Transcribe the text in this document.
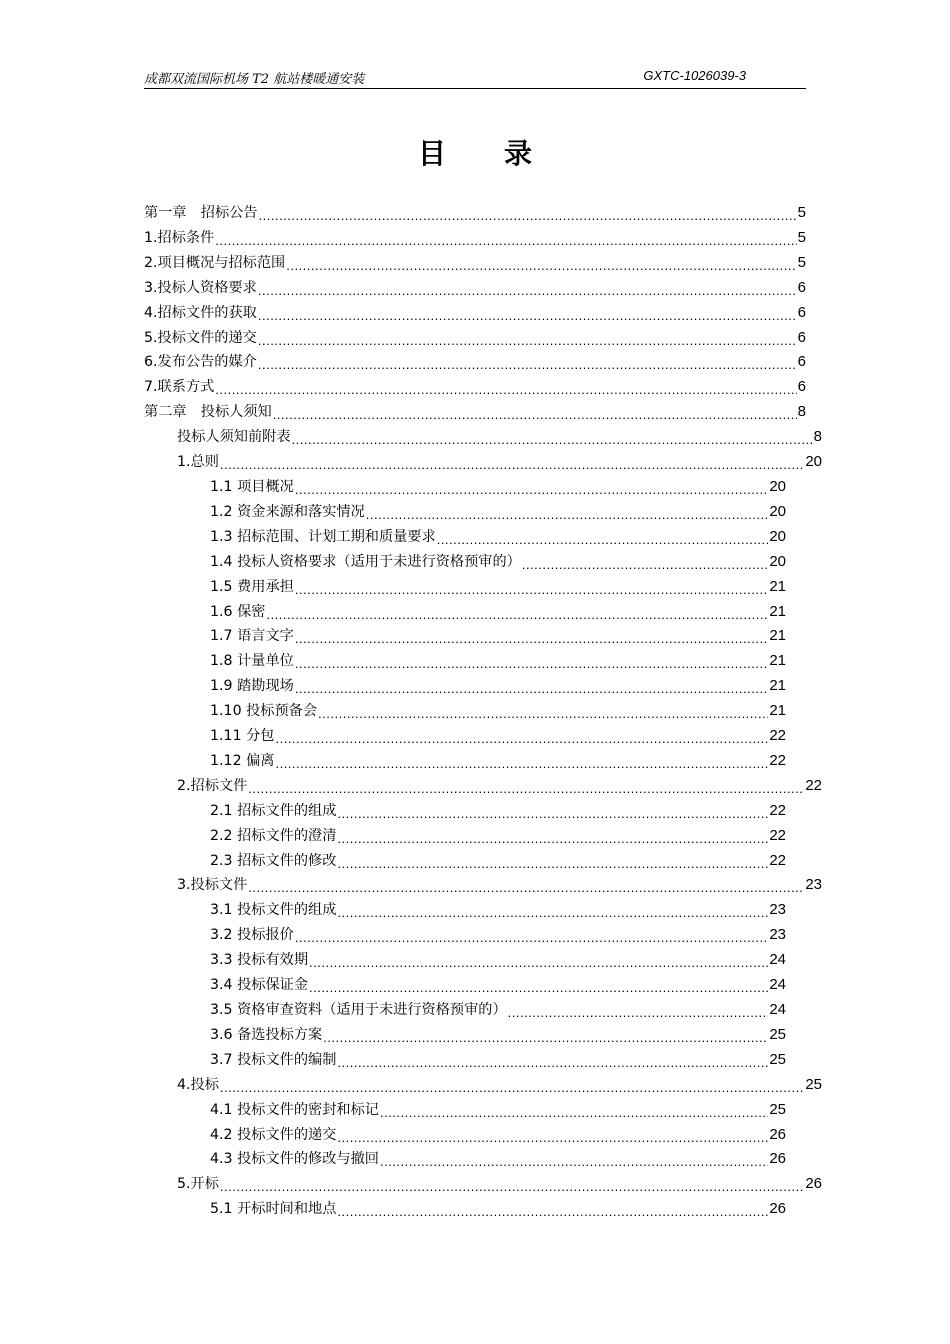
成都双流国际机场 T2 航站楼暖通安装	GXTC-1026039-3
目录
第一章　招标公告 .....	5
1.招标条件 .....	5
2.项目概况与招标范围 .....	5
3.投标人资格要求 .....	6
4.招标文件的获取 .....	6
5.投标文件的递交 .....	6
6.发布公告的媒介 .....	6
7.联系方式 .....	6
第二章　投标人须知 .....	8
投标人须知前附表 .....	8
1.总则 .....	20
1.1 项目概况 .....	20
1.2 资金来源和落实情况 .....	20
1.3 招标范围、计划工期和质量要求 .....	20
1.4 投标人资格要求（适用于未进行资格预审的） .....	20
1.5 费用承担 .....	21
1.6 保密 .....	21
1.7 语言文字 .....	21
1.8 计量单位 .....	21
1.9 踏勘现场 .....	21
1.10 投标预备会 .....	21
1.11 分包 .....	22
1.12 偏离 .....	22
2.招标文件 .....	22
2.1 招标文件的组成 .....	22
2.2 招标文件的澄清 .....	22
2.3 招标文件的修改 .....	22
3.投标文件 .....	23
3.1 投标文件的组成 .....	23
3.2 投标报价 .....	23
3.3 投标有效期 .....	24
3.4 投标保证金 .....	24
3.5 资格审查资料（适用于未进行资格预审的） .....	24
3.6 备选投标方案 .....	25
3.7 投标文件的编制 .....	25
4.投标 .....	25
4.1 投标文件的密封和标记 .....	25
4.2 投标文件的递交 .....	26
4.3 投标文件的修改与撤回 .....	26
5.开标 .....	26
5.1 开标时间和地点 .....	26
